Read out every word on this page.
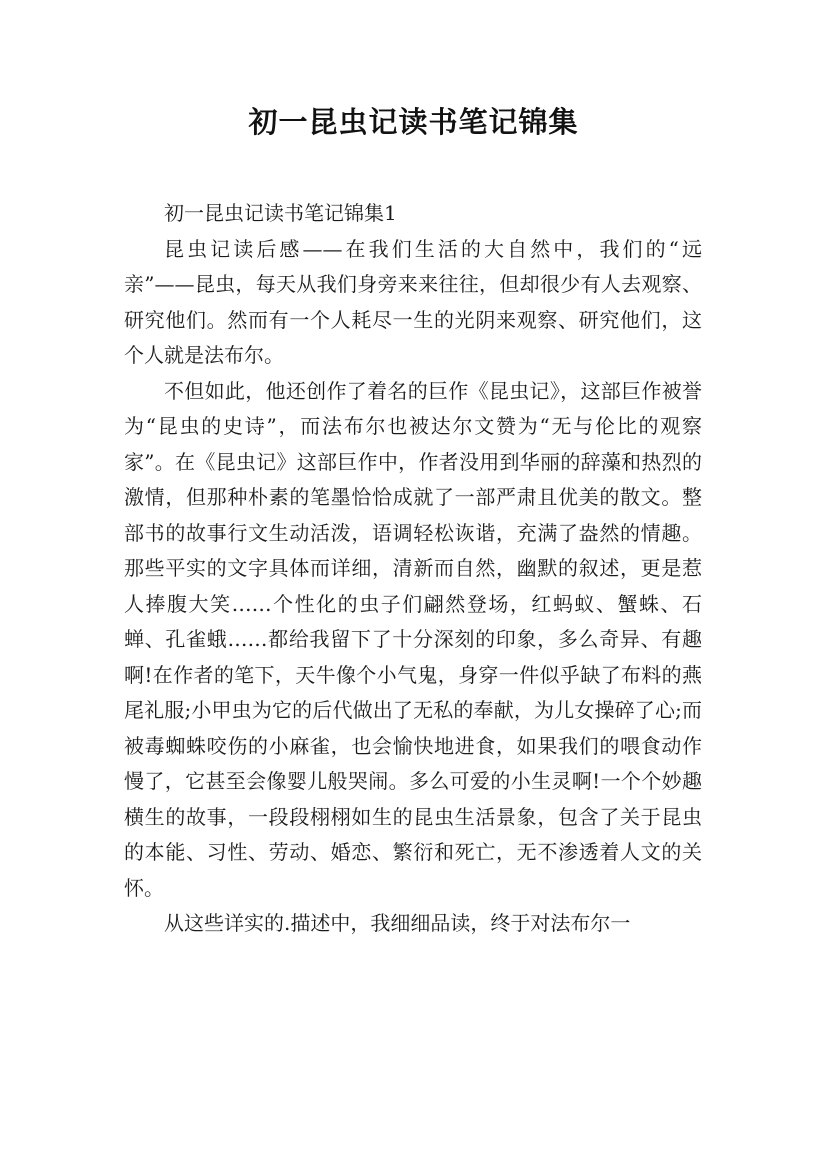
初一昆虫记读书笔记锦集

初一昆虫记读书笔记锦集1

昆虫记读后感——在我们生活的大自然中，我们的“远亲”——昆虫，每天从我们身旁来来往往，但却很少有人去观察、研究他们。然而有一个人耗尽一生的光阴来观察、研究他们，这个人就是法布尔。

不但如此，他还创作了着名的巨作《昆虫记》，这部巨作被誉为“昆虫的史诗”，而法布尔也被达尔文赞为“无与伦比的观察家”。在《昆虫记》这部巨作中，作者没用到华丽的辞藻和热烈的激情，但那种朴素的笔墨恰恰成就了一部严肃且优美的散文。整部书的故事行文生动活泼，语调轻松诙谐，充满了盎然的情趣。那些平实的文字具体而详细，清新而自然，幽默的叙述，更是惹人捧腹大笑……个性化的虫子们翩然登场，红蚂蚁、蟹蛛、石蝉、孔雀蛾……都给我留下了十分深刻的印象，多么奇异、有趣啊!在作者的笔下，天牛像个小气鬼，身穿一件似乎缺了布料的燕尾礼服;小甲虫为它的后代做出了无私的奉献，为儿女操碎了心;而被毒蜘蛛咬伤的小麻雀，也会愉快地进食，如果我们的喂食动作慢了，它甚至会像婴儿般哭闹。多么可爱的小生灵啊!一个个妙趣横生的故事，一段段栩栩如生的昆虫生活景象，包含了关于昆虫的本能、习性、劳动、婚恋、繁衍和死亡，无不渗透着人文的关怀。

从这些详实的.描述中，我细细品读，终于对法布尔一
